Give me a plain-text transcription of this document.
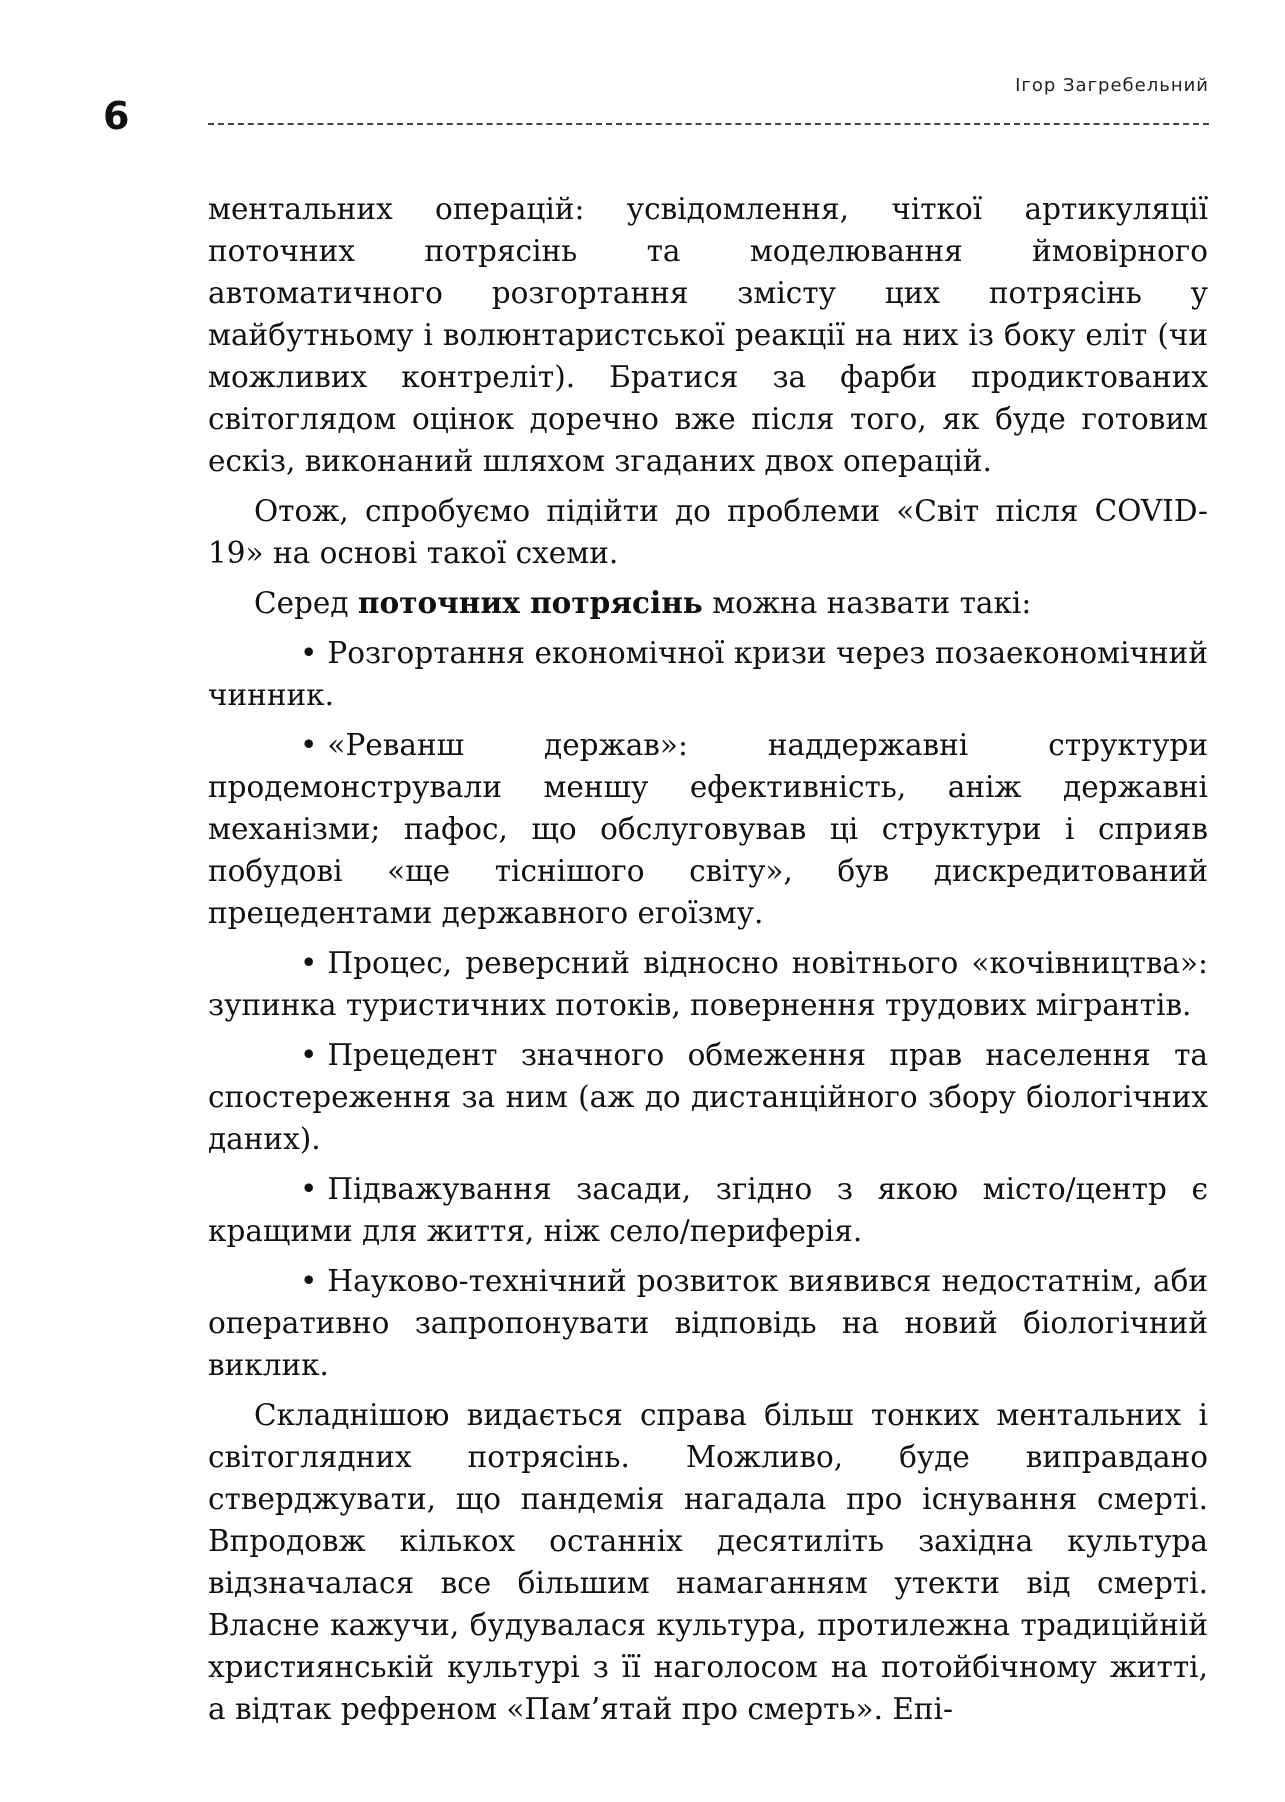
6
Ігор Загребельний

ментальних операцій: усвідомлення, чіткої артикуляції поточних потрясінь та моделювання ймовірного автоматичного розгортання змісту цих потрясінь у майбутньому і волюнтаристської реакції на них із боку еліт (чи можливих контреліт). Братися за фарби продиктованих світоглядом оцінок доречно вже після того, як буде готовим ескіз, виконаний шляхом згаданих двох операцій.

Отож, спробуємо підійти до проблеми «Світ після COVID-19» на основі такої схеми.

Серед поточних потрясінь можна назвати такі:

• Розгортання економічної кризи через позаекономічний чинник.

• «Реванш держав»: наддержавні структури продемонстрували меншу ефективність, аніж державні механізми; пафос, що обслуговував ці структури і сприяв побудові «ще тіснішого світу», був дискредитований прецедентами державного егоїзму.

• Процес, реверсний відносно новітнього «кочівництва»: зупинка туристичних потоків, повернення трудових мігрантів.

• Прецедент значного обмеження прав населення та спостереження за ним (аж до дистанційного збору біологічних даних).

• Підважування засади, згідно з якою місто/центр є кращими для життя, ніж село/периферія.

• Науково-технічний розвиток виявився недостатнім, аби оперативно запропонувати відповідь на новий біологічний виклик.

Складнішою видається справа більш тонких ментальних і світоглядних потрясінь. Можливо, буде виправдано стверджувати, що пандемія нагадала про існування смерті. Впродовж кількох останніх десятиліть західна культура відзначалася все більшим намаганням утекти від смерті. Власне кажучи, будувалася культура, протилежна традиційній християнській культурі з її наголосом на потойбічному житті, а відтак рефреном «Пам’ятай про смерть». Епі-
